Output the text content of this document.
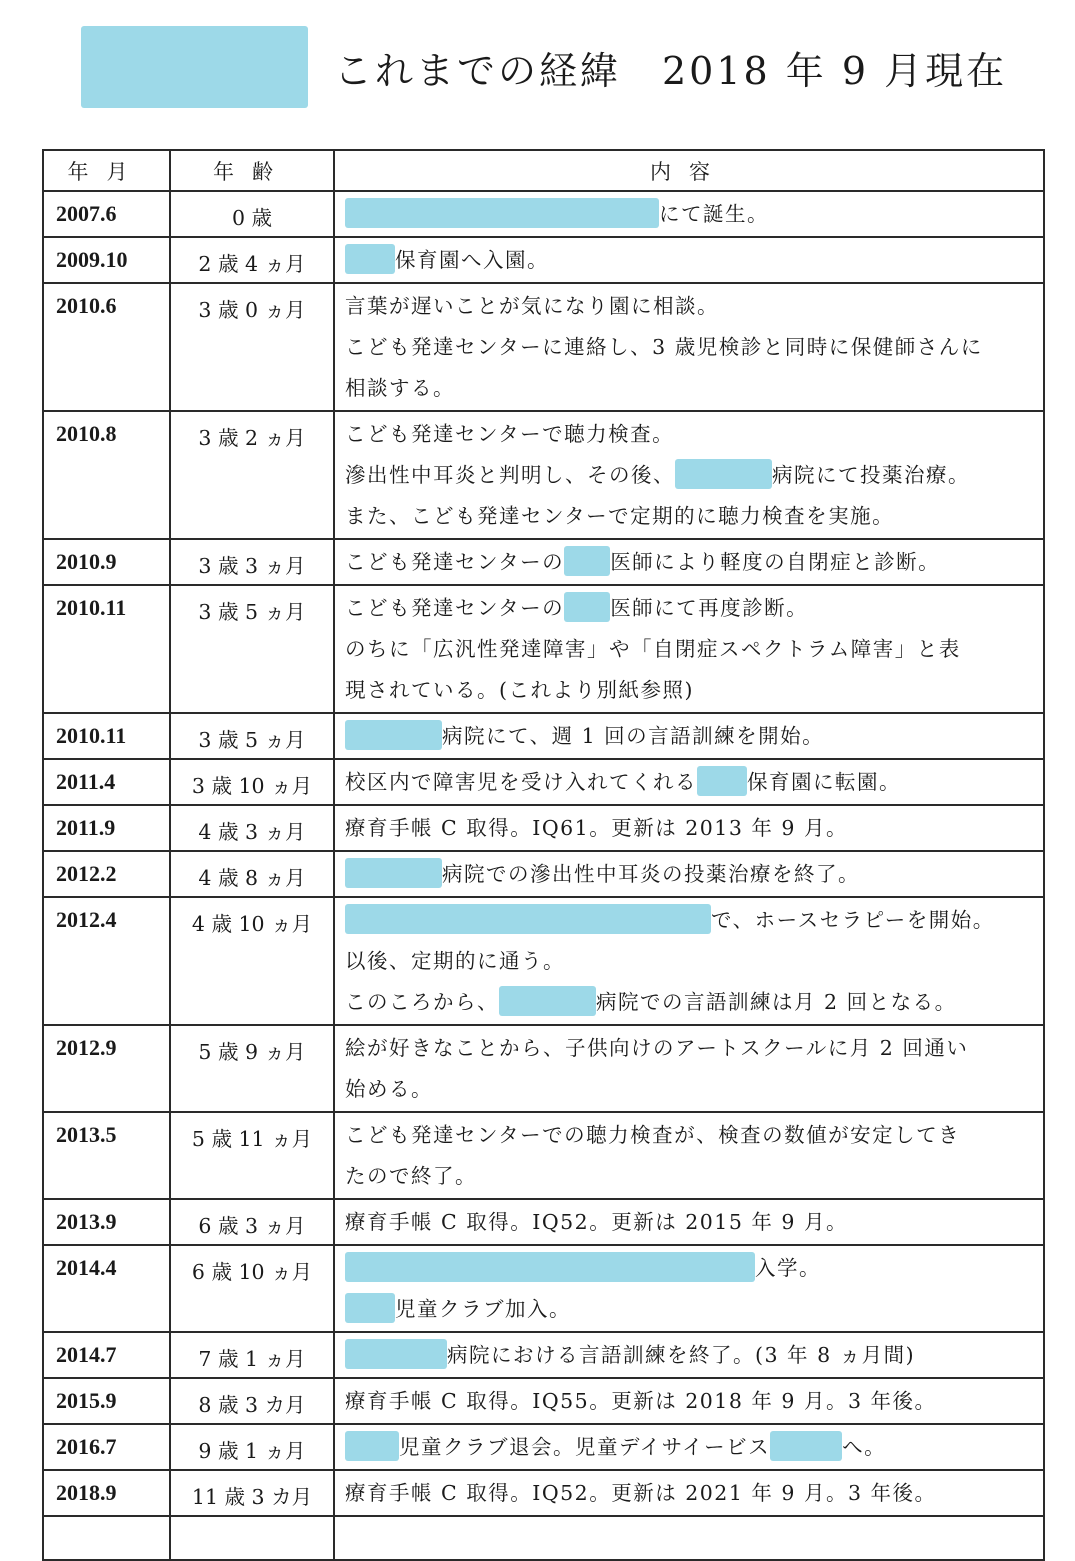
これまでの経緯　2018 年 9 月現在
年月	年齢	内容
2007.6	0 歳	にて誕生。

2009.10	2 歳 4 ヵ月	保育園へ入園。

2010.6	3 歳 0 ヵ月	言葉が遅いことが気になり園に相談。
こども発達センターに連絡し、3 歳児検診と同時に保健師さんに
相談する。

2010.8	3 歳 2 ヵ月	こども発達センターで聴力検査。
滲出性中耳炎と判明し、その後、 病院にて投薬治療。
また、こども発達センターで定期的に聴力検査を実施。

2010.9	3 歳 3 ヵ月	こども発達センターの 医師により軽度の自閉症と診断。

2010.11	3 歳 5 ヵ月	こども発達センターの 医師にて再度診断。
のちに「広汎性発達障害」や「自閉症スペクトラム障害」と表
現されている。(これより別紙参照)

2010.11	3 歳 5 ヵ月	病院にて、週 1 回の言語訓練を開始。

2011.4	3 歳 10 ヵ月	校区内で障害児を受け入れてくれる 保育園に転園。

2011.9	4 歳 3 ヵ月	療育手帳 C 取得。IQ61。更新は 2013 年 9 月。

2012.2	4 歳 8 ヵ月	病院での滲出性中耳炎の投薬治療を終了。

2012.4	4 歳 10 ヵ月	で、ホースセラピーを開始。
以後、定期的に通う。
このころから、 病院での言語訓練は月 2 回となる。

2012.9	5 歳 9 ヵ月	絵が好きなことから、子供向けのアートスクールに月 2 回通い
始める。

2013.5	5 歳 11 ヵ月	こども発達センターでの聴力検査が、検査の数値が安定してき
たので終了。

2013.9	6 歳 3 ヵ月	療育手帳 C 取得。IQ52。更新は 2015 年 9 月。

2014.4	6 歳 10 ヵ月	入学。
児童クラブ加入。

2014.7	7 歳 1 ヵ月	病院における言語訓練を終了。(3 年 8 ヵ月間)

2015.9	8 歳 3 カ月	療育手帳 C 取得。IQ55。更新は 2018 年 9 月。3 年後。

2016.7	9 歳 1 ヵ月	児童クラブ退会。児童デイサイービス へ。

2018.9	11 歳 3 カ月	療育手帳 C 取得。IQ52。更新は 2021 年 9 月。3 年後。
